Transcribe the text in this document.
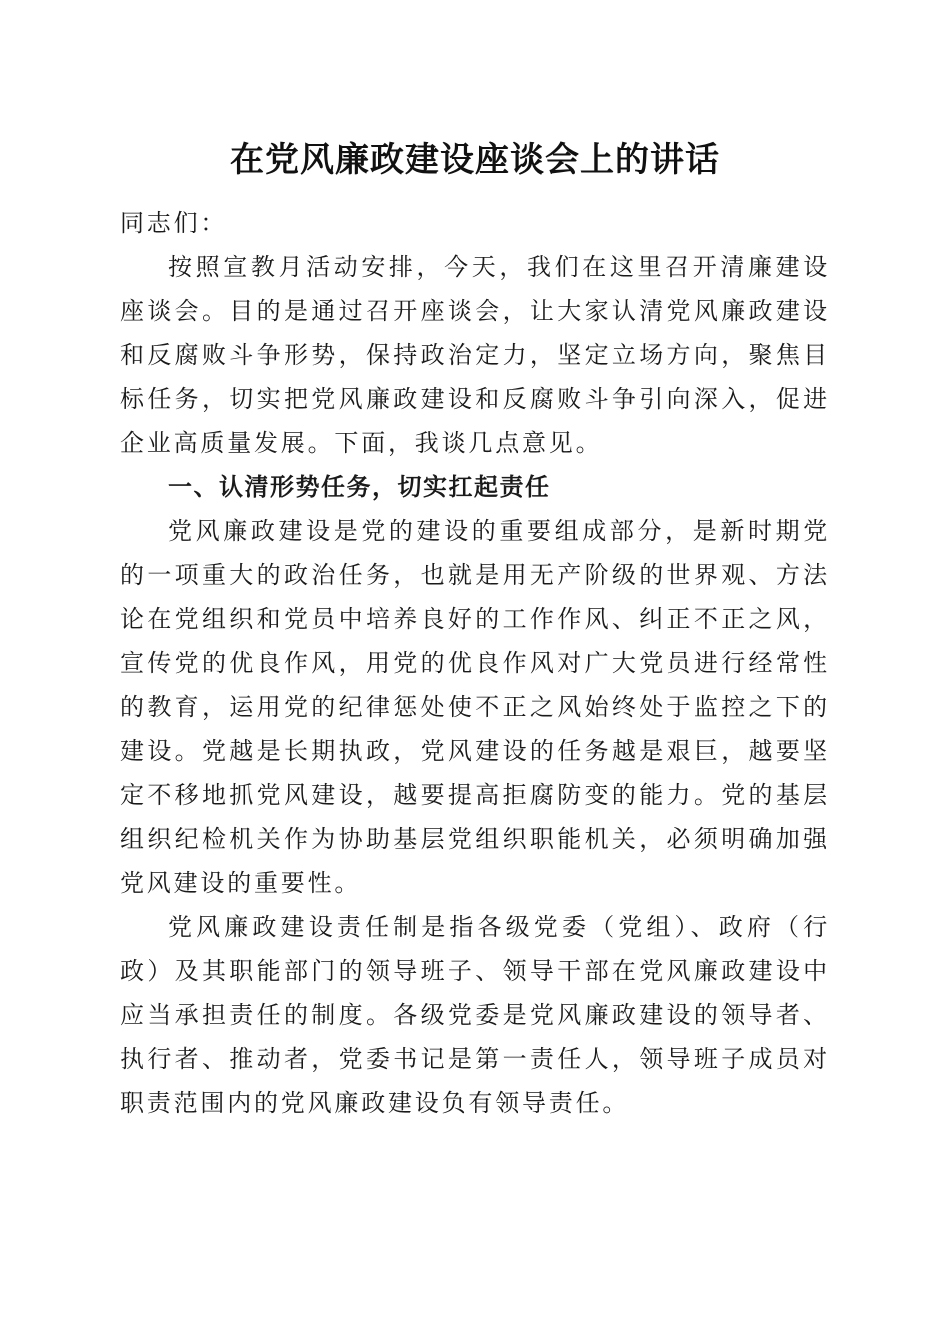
在党风廉政建设座谈会上的讲话

同志们：

按照宣教月活动安排，今天，我们在这里召开清廉建设座谈会。目的是通过召开座谈会，让大家认清党风廉政建设和反腐败斗争形势，保持政治定力，坚定立场方向，聚焦目标任务，切实把党风廉政建设和反腐败斗争引向深入，促进企业高质量发展。下面，我谈几点意见。

一、认清形势任务，切实扛起责任

党风廉政建设是党的建设的重要组成部分，是新时期党的一项重大的政治任务，也就是用无产阶级的世界观、方法论在党组织和党员中培养良好的工作作风、纠正不正之风，宣传党的优良作风，用党的优良作风对广大党员进行经常性的教育，运用党的纪律惩处使不正之风始终处于监控之下的建设。党越是长期执政，党风建设的任务越是艰巨，越要坚定不移地抓党风建设，越要提高拒腐防变的能力。党的基层组织纪检机关作为协助基层党组织职能机关，必须明确加强党风建设的重要性。

党风廉政建设责任制是指各级党委（党组）、政府（行政）及其职能部门的领导班子、领导干部在党风廉政建设中应当承担责任的制度。各级党委是党风廉政建设的领导者、执行者、推动者，党委书记是第一责任人，领导班子成员对职责范围内的党风廉政建设负有领导责任。
